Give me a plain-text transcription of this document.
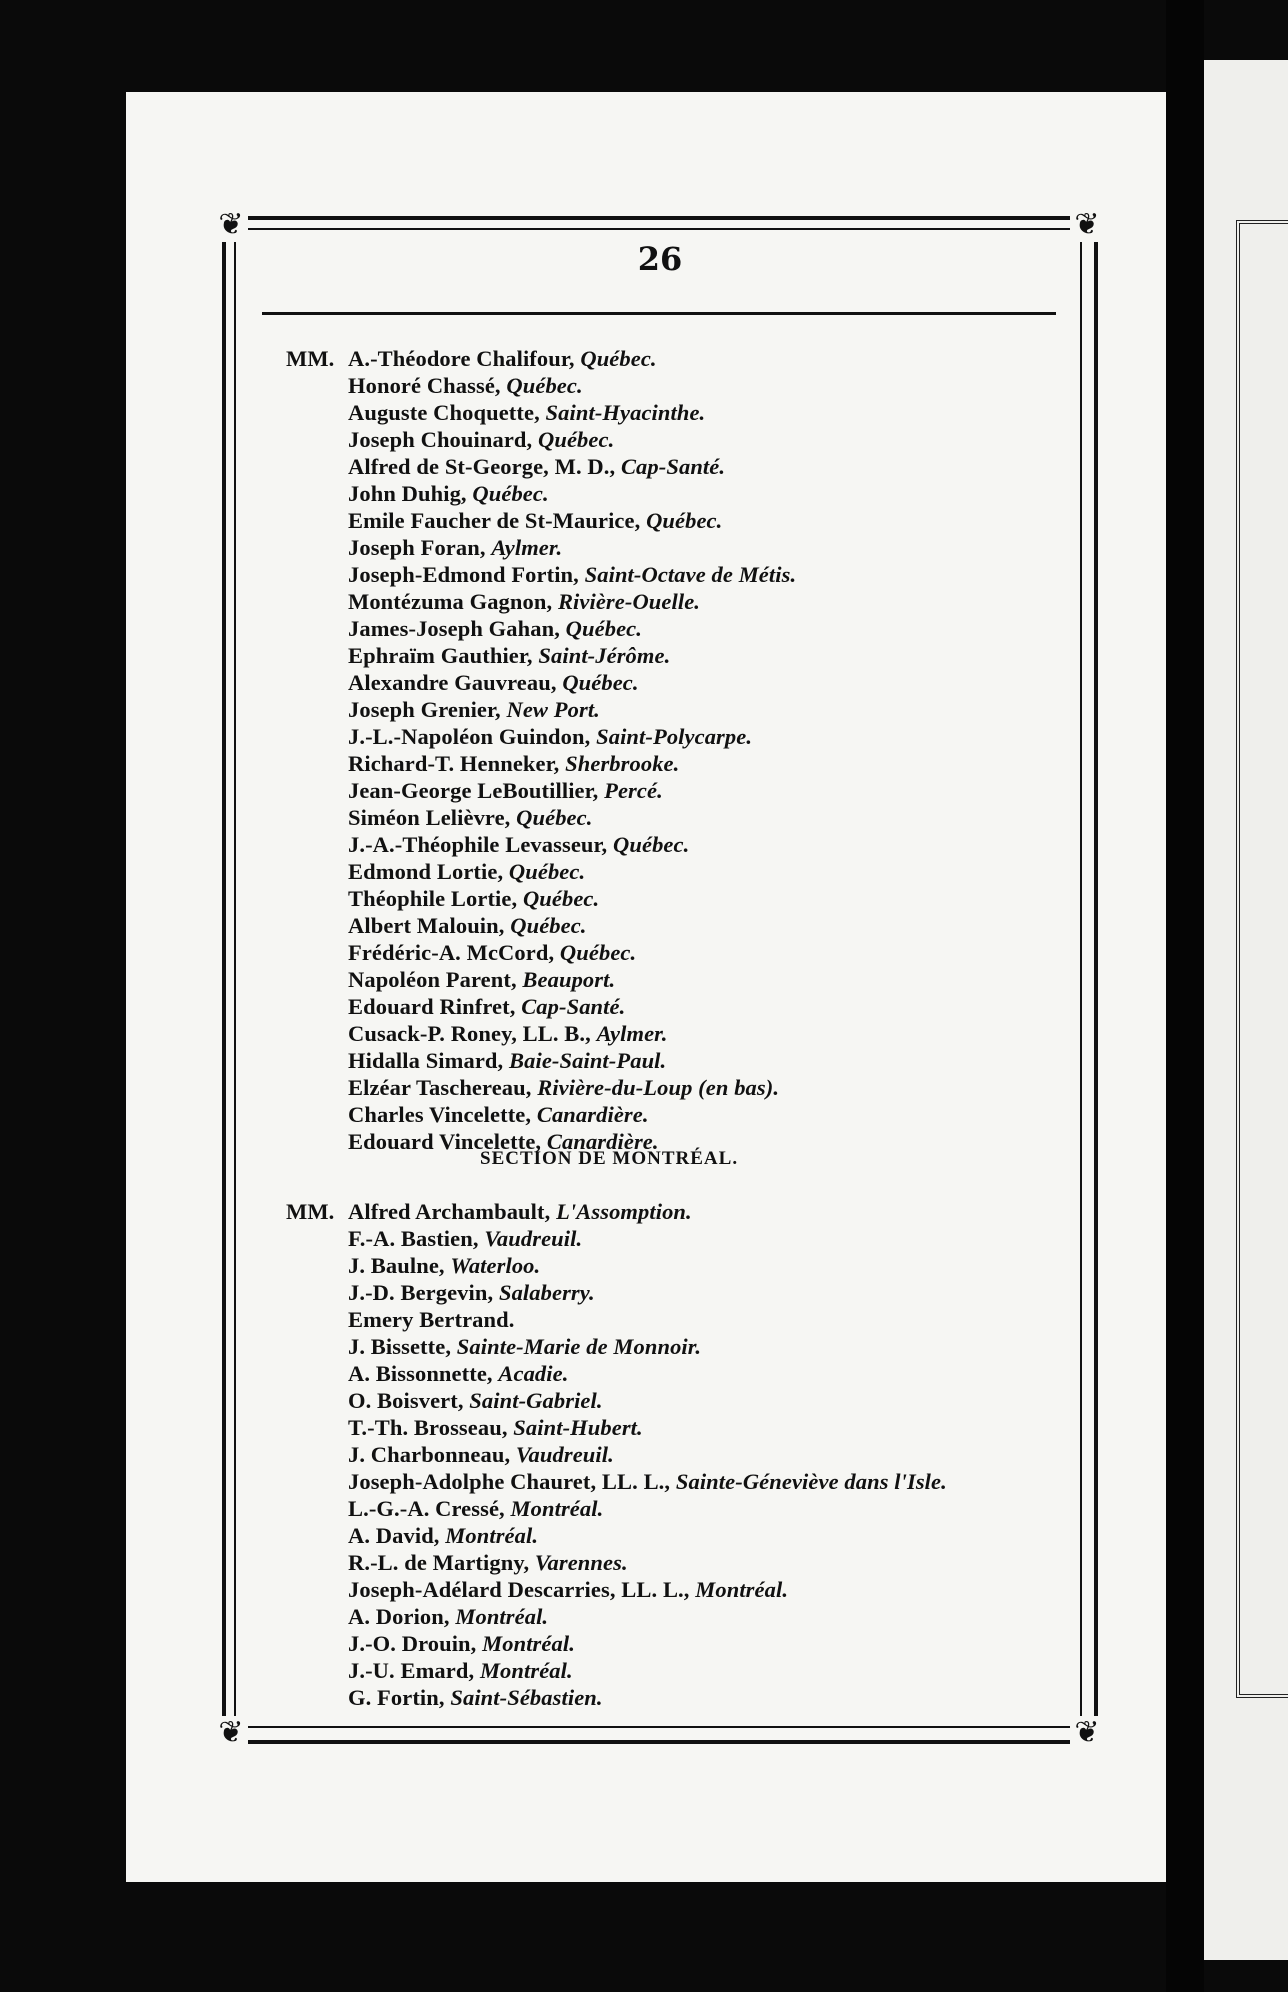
❦	❦
❦	❦
26
MM. A.-Théodore Chalifour, Québec.
Honoré Chassé, Québec.
Auguste Choquette, Saint-Hyacinthe.
Joseph Chouinard, Québec.
Alfred de St-George, M. D., Cap-Santé.
John Duhig, Québec.
Emile Faucher de St-Maurice, Québec.
Joseph Foran, Aylmer.
Joseph-Edmond Fortin, Saint-Octave de Métis.
Montézuma Gagnon, Rivière-Ouelle.
James-Joseph Gahan, Québec.
Ephraïm Gauthier, Saint-Jérôme.
Alexandre Gauvreau, Québec.
Joseph Grenier, New Port.
J.-L.-Napoléon Guindon, Saint-Polycarpe.
Richard-T. Henneker, Sherbrooke.
Jean-George LeBoutillier, Percé.
Siméon Lelièvre, Québec.
J.-A.-Théophile Levasseur, Québec.
Edmond Lortie, Québec.
Théophile Lortie, Québec.
Albert Malouin, Québec.
Frédéric-A. McCord, Québec.
Napoléon Parent, Beauport.
Edouard Rinfret, Cap-Santé.
Cusack-P. Roney, LL. B., Aylmer.
Hidalla Simard, Baie-Saint-Paul.
Elzéar Taschereau, Rivière-du-Loup (en bas).
Charles Vincelette, Canardière.
Edouard Vincelette, Canardière.
SECTION DE MONTRÉAL.
MM. Alfred Archambault, L'Assomption.
F.-A. Bastien, Vaudreuil.
J. Baulne, Waterloo.
J.-D. Bergevin, Salaberry.
Emery Bertrand.
J. Bissette, Sainte-Marie de Monnoir.
A. Bissonnette, Acadie.
O. Boisvert, Saint-Gabriel.
T.-Th. Brosseau, Saint-Hubert.
J. Charbonneau, Vaudreuil.
Joseph-Adolphe Chauret, LL. L., Sainte-Géneviève dans l'Isle.
L.-G.-A. Cressé, Montréal.
A. David, Montréal.
R.-L. de Martigny, Varennes.
Joseph-Adélard Descarries, LL. L., Montréal.
A. Dorion, Montréal.
J.-O. Drouin, Montréal.
J.-U. Emard, Montréal.
G. Fortin, Saint-Sébastien.
